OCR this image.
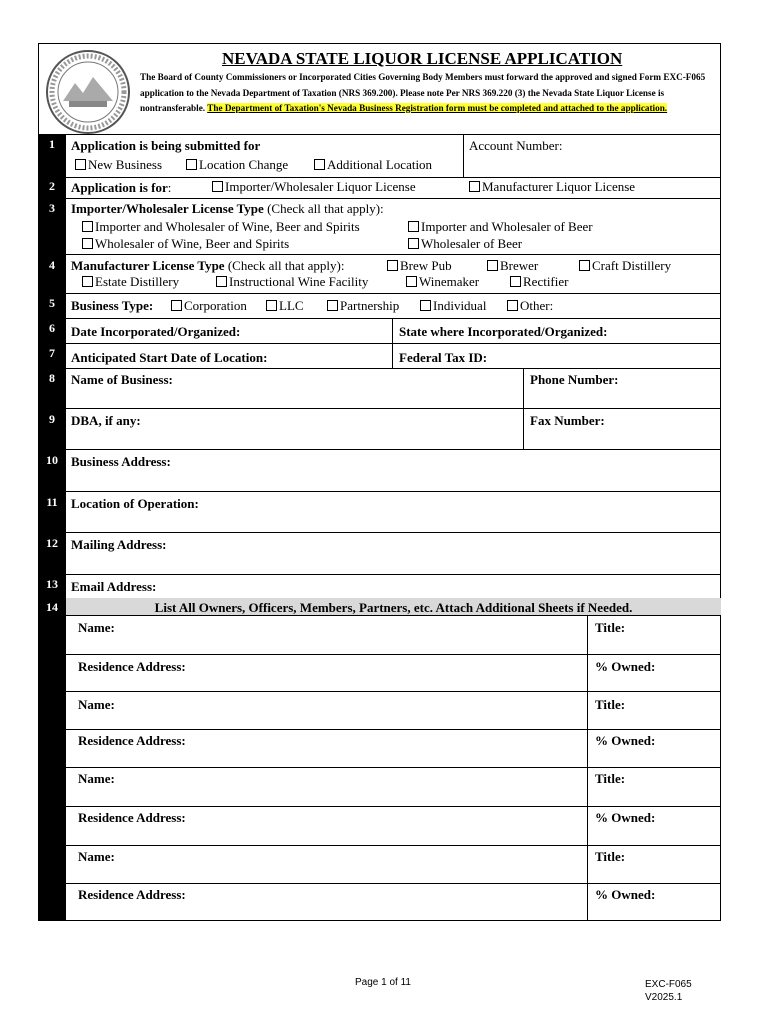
NEVADA STATE LIQUOR LICENSE APPLICATION
The Board of County Commissioners or Incorporated Cities Governing Body Members must forward the approved and signed Form EXC-F065 application to the Nevada Department of Taxation (NRS 369.200). Please note Per NRS 369.220 (3) the Nevada State Liquor License is nontransferable. The Department of Taxation's Nevada Business Registration form must be completed and attached to the application.
1
2
3
4
5
6
7
8
9
10
11
12
13
14
Application is being submitted for
New Business	Location Change	Additional Location
Account Number:
Application is for:	Importer/Wholesaler Liquor License	Manufacturer Liquor License
Importer/Wholesaler License Type (Check all that apply):
Importer and Wholesaler of Wine, Beer and Spirits	Importer and Wholesaler of Beer
Wholesaler of Wine, Beer and Spirits	Wholesaler of Beer
Manufacturer License Type (Check all that apply):	Brew Pub	Brewer	Craft Distillery
Estate Distillery	Instructional Wine Facility	Winemaker	Rectifier
Business Type:	Corporation	LLC	Partnership	Individual	Other:
Date Incorporated/Organized:	State where Incorporated/Organized:
Anticipated Start Date of Location:	Federal Tax ID:
Name of Business:	Phone Number:
DBA, if any:	Fax Number:
Business Address:
Location of Operation:
Mailing Address:
Email Address:
List All Owners, Officers, Members, Partners, etc. Attach Additional Sheets if Needed.
Name:	Title:
Residence Address:	% Owned:
Name:	Title:
Residence Address:	% Owned:
Name:	Title:
Residence Address:	% Owned:
Name:	Title:
Residence Address:	% Owned:
Page 1 of 11	EXC-F065
V2025.1
